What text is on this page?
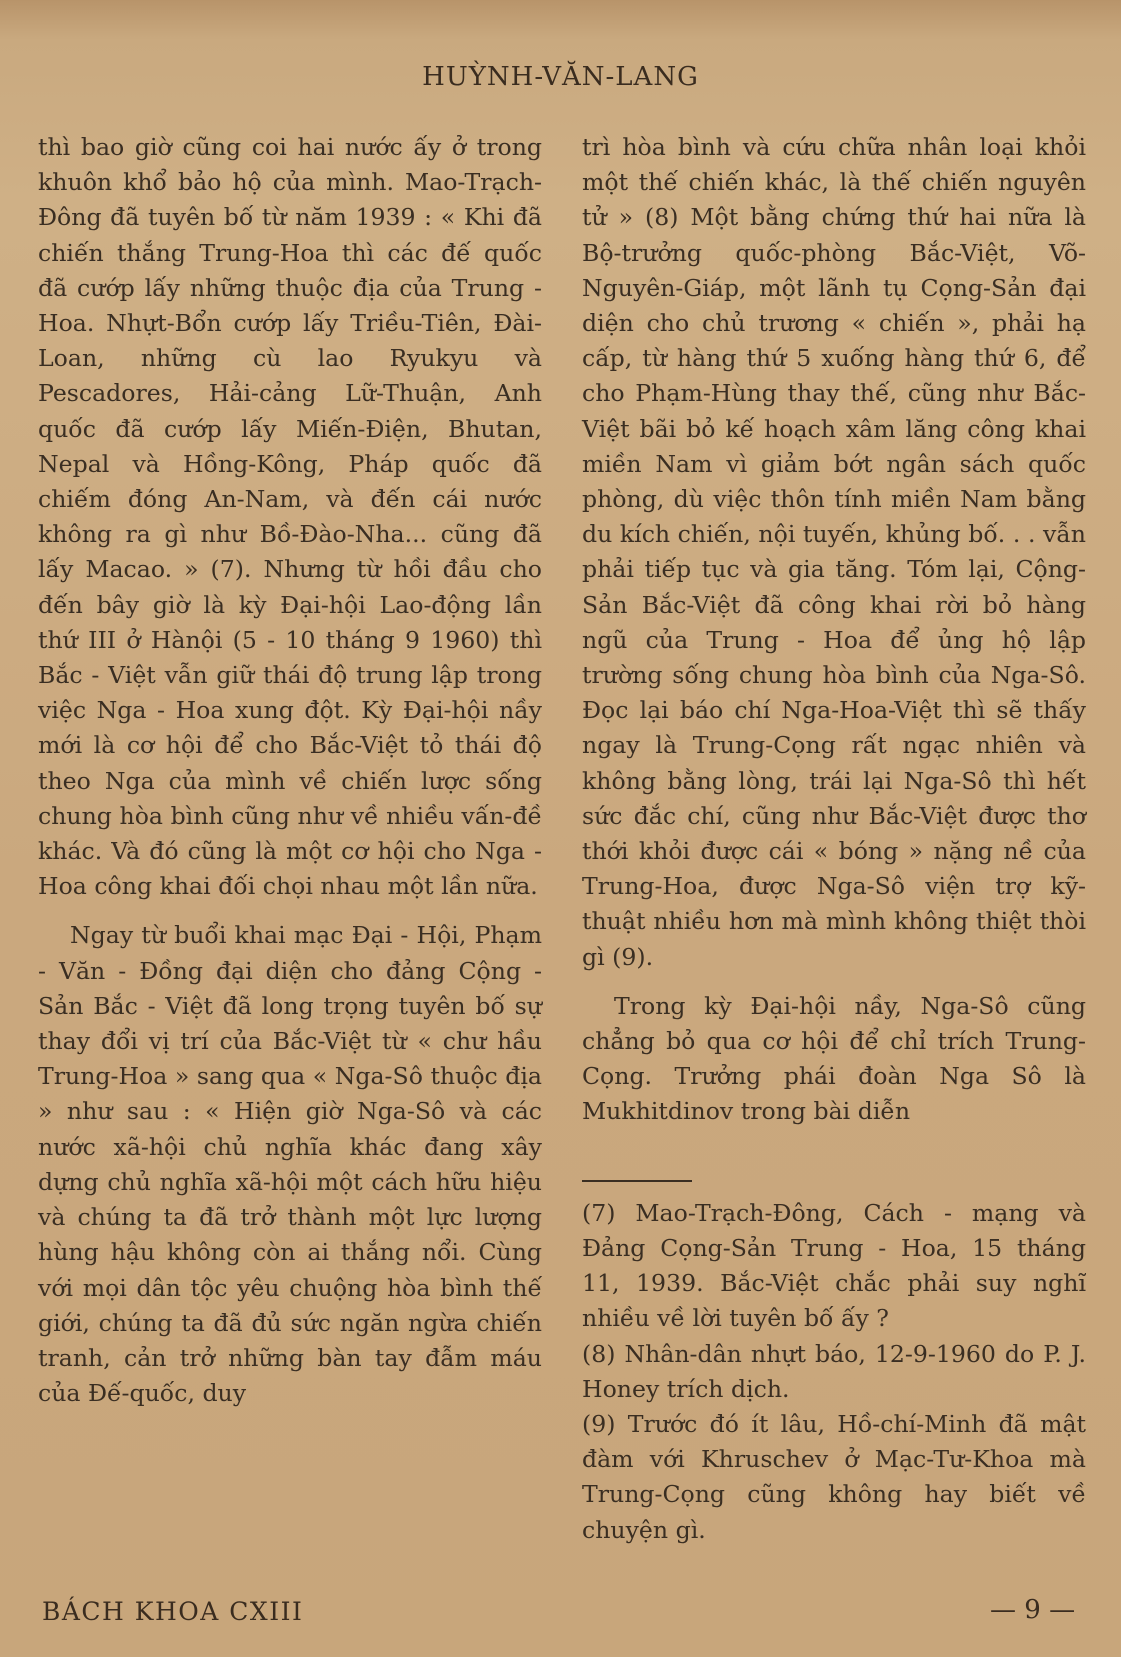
HUỲNH-VĂN-LANG

thì bao giờ cũng coi hai nước ấy ở trong khuôn khổ bảo hộ của mình. Mao-Trạch-Đông đã tuyên bố từ năm 1939 : « Khi đã chiến thắng Trung-Hoa thì các đế quốc đã cướp lấy những thuộc địa của Trung - Hoa. Nhựt-Bổn cướp lấy Triều-Tiên, Đài-Loan, những cù lao Ryukyu và Pescadores, Hải-cảng Lữ-Thuận, Anh quốc đã cướp lấy Miến-Điện, Bhutan, Nepal và Hồng-Kông, Pháp quốc đã chiếm đóng An-Nam, và đến cái nước không ra gì như Bồ-Đào-Nha... cũng đã lấy Macao. » (7). Nhưng từ hồi đầu cho đến bây giờ là kỳ Đại-hội Lao-động lần thứ III ở Hànội (5 - 10 tháng 9 1960) thì Bắc - Việt vẫn giữ thái độ trung lập trong việc Nga - Hoa xung đột. Kỳ Đại-hội nầy mới là cơ hội để cho Bắc-Việt tỏ thái độ theo Nga của mình về chiến lược sống chung hòa bình cũng như về nhiều vấn-đề khác. Và đó cũng là một cơ hội cho Nga - Hoa công khai đối chọi nhau một lần nữa.

Ngay từ buổi khai mạc Đại - Hội, Phạm - Văn - Đồng đại diện cho đảng Cộng - Sản Bắc - Việt đã long trọng tuyên bố sự thay đổi vị trí của Bắc-Việt từ « chư hầu Trung-Hoa » sang qua « Nga-Sô thuộc địa » như sau : « Hiện giờ Nga-Sô và các nước xã-hội chủ nghĩa khác đang xây dựng chủ nghĩa xã-hội một cách hữu hiệu và chúng ta đã trở thành một lực lượng hùng hậu không còn ai thắng nổi. Cùng với mọi dân tộc yêu chuộng hòa bình thế giới, chúng ta đã đủ sức ngăn ngừa chiến tranh, cản trở những bàn tay đẫm máu của Đế-quốc, duy

trì hòa bình và cứu chữa nhân loại khỏi một thế chiến khác, là thế chiến nguyên tử » (8) Một bằng chứng thứ hai nữa là Bộ-trưởng quốc-phòng Bắc-Việt, Võ-Nguyên-Giáp, một lãnh tụ Cọng-Sản đại diện cho chủ trương « chiến », phải hạ cấp, từ hàng thứ 5 xuống hàng thứ 6, để cho Phạm-Hùng thay thế, cũng như Bắc-Việt bãi bỏ kế hoạch xâm lăng công khai miền Nam vì giảm bớt ngân sách quốc phòng, dù việc thôn tính miền Nam bằng du kích chiến, nội tuyến, khủng bố. . . vẫn phải tiếp tục và gia tăng. Tóm lại, Cộng-Sản Bắc-Việt đã công khai rời bỏ hàng ngũ của Trung - Hoa để ủng hộ lập trường sống chung hòa bình của Nga-Sô. Đọc lại báo chí Nga-Hoa-Việt thì sẽ thấy ngay là Trung-Cọng rất ngạc nhiên và không bằng lòng, trái lại Nga-Sô thì hết sức đắc chí, cũng như Bắc-Việt được thơ thới khỏi được cái « bóng » nặng nề của Trung-Hoa, được Nga-Sô viện trợ kỹ-thuật nhiều hơn mà mình không thiệt thòi gì (9).

Trong kỳ Đại-hội nầy, Nga-Sô cũng chẳng bỏ qua cơ hội để chỉ trích Trung-Cọng. Trưởng phái đoàn Nga Sô là Mukhitdinov trong bài diễn

(7) Mao-Trạch-Đông, Cách - mạng và Đảng Cọng-Sản Trung - Hoa, 15 tháng 11, 1939. Bắc-Việt chắc phải suy nghĩ nhiều về lời tuyên bố ấy ?

(8) Nhân-dân nhựt báo, 12-9-1960 do P. J. Honey trích dịch.

(9) Trước đó ít lâu, Hồ-chí-Minh đã mật đàm với Khruschev ở Mạc-Tư-Khoa mà Trung-Cọng cũng không hay biết về chuyện gì.

BÁCH KHOA CXIII	— 9 —
